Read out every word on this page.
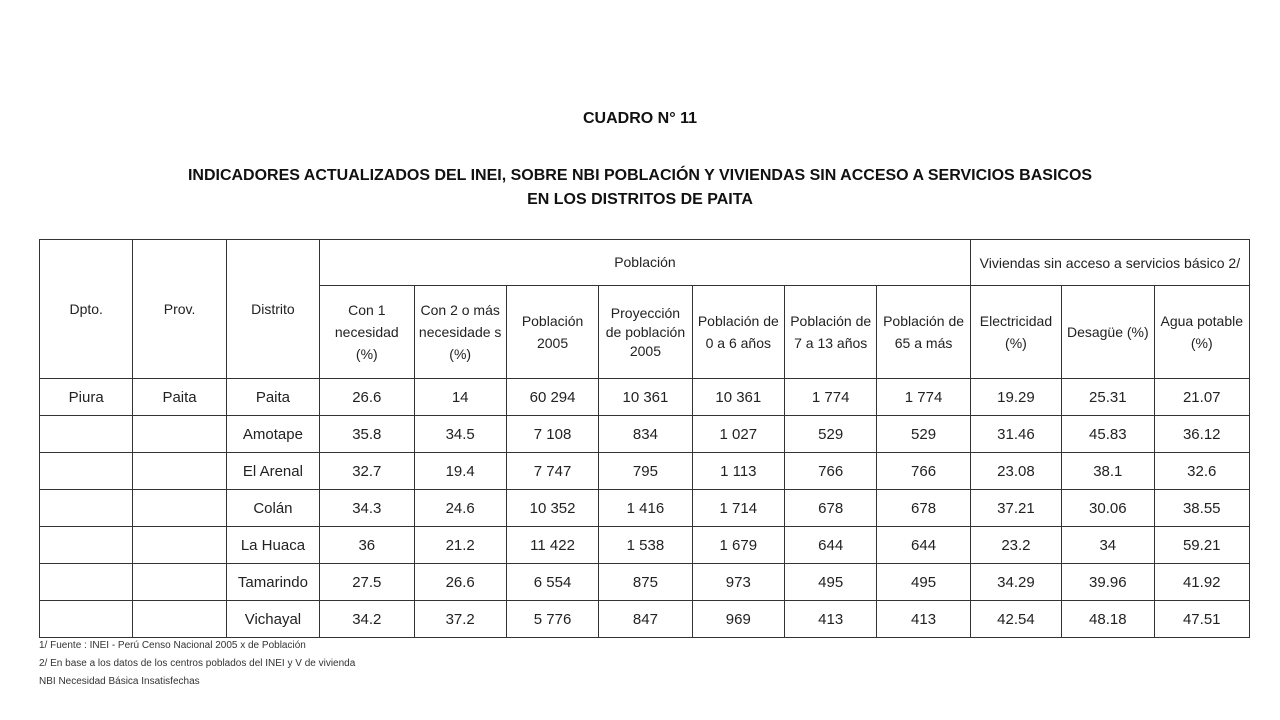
CUADRO N° 11
INDICADORES ACTUALIZADOS DEL INEI, SOBRE NBI POBLACIÓN Y VIVIENDAS SIN ACCESO A SERVICIOS BASICOS
EN LOS DISTRITOS DE PAITA
Dpto.	Prov.	Distrito	Población							Viviendas sin acceso a servicios básico 2/		
			Con 1 necesidad (%)	Con 2 o más necesidade s (%)	Población 2005	Proyección de población 2005	Población de 0 a 6 años	Población de 7 a 13 años	Población de 65 a más	Electricidad (%)	Desagüe (%)	Agua potable (%)
Piura	Paita	Paita	26.6	14	60 294	10 361	10 361	1 774	1 774	19.29	25.31	21.07
		Amotape	35.8	34.5	7 108	834	1 027	529	529	31.46	45.83	36.12
		El Arenal	32.7	19.4	7 747	795	1 113	766	766	23.08	38.1	32.6
		Colán	34.3	24.6	10 352	1 416	1 714	678	678	37.21	30.06	38.55
		La Huaca	36	21.2	11 422	1 538	1 679	644	644	23.2	34	59.21
		Tamarindo	27.5	26.6	6 554	875	973	495	495	34.29	39.96	41.92
		Vichayal	34.2	37.2	5 776	847	969	413	413	42.54	48.18	47.51
1/ Fuente : INEI - Perú Censo Nacional 2005 x de Población
2/ En base a los datos de los centros poblados del INEI y V de vivienda
NBI Necesidad Básica Insatisfechas
